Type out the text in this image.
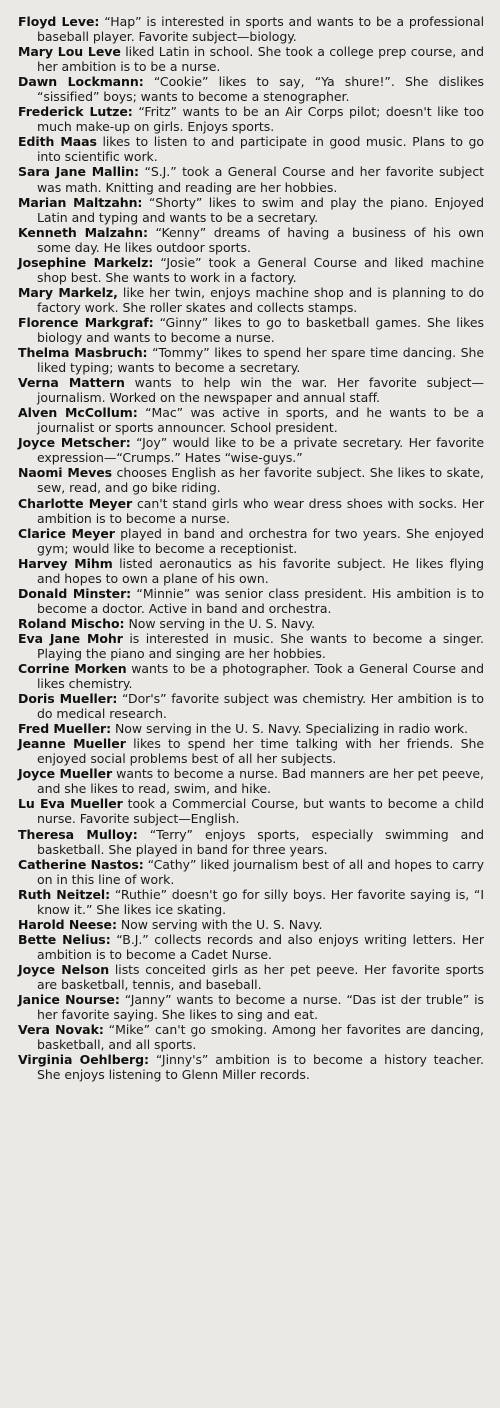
Floyd Leve: “Hap” is interested in sports and wants to be a professional baseball player. Favorite subject—biology.

Mary Lou Leve liked Latin in school. She took a college prep course, and her ambition is to be a nurse.

Dawn Lockmann: “Cookie” likes to say, “Ya shure!”. She dislikes “sissified” boys; wants to become a stenographer.

Frederick Lutze: “Fritz” wants to be an Air Corps pilot; doesn't like too much make-up on girls. Enjoys sports.

Edith Maas likes to listen to and participate in good music. Plans to go into scientific work.

Sara Jane Mallin: “S.J.” took a General Course and her favorite subject was math. Knitting and reading are her hobbies.

Marian Maltzahn: “Shorty” likes to swim and play the piano. Enjoyed Latin and typing and wants to be a secretary.

Kenneth Malzahn: “Kenny” dreams of having a business of his own some day. He likes outdoor sports.

Josephine Markelz: “Josie” took a General Course and liked machine shop best. She wants to work in a factory.

Mary Markelz, like her twin, enjoys machine shop and is planning to do factory work. She roller skates and collects stamps.

Florence Markgraf: “Ginny” likes to go to basketball games. She likes biology and wants to become a nurse.

Thelma Masbruch: “Tommy” likes to spend her spare time dancing. She liked typing; wants to become a secretary.

Verna Mattern wants to help win the war. Her favorite subject—journalism. Worked on the newspaper and annual staff.

Alven McCollum: “Mac” was active in sports, and he wants to be a journalist or sports announcer. School president.

Joyce Metscher: “Joy” would like to be a private secretary. Her favorite expression—“Crumps.” Hates “wise-guys.”

Naomi Meves chooses English as her favorite subject. She likes to skate, sew, read, and go bike riding.

Charlotte Meyer can't stand girls who wear dress shoes with socks. Her ambition is to become a nurse.

Clarice Meyer played in band and orchestra for two years. She enjoyed gym; would like to become a receptionist.

Harvey Mihm listed aeronautics as his favorite subject. He likes flying and hopes to own a plane of his own.

Donald Minster: “Minnie” was senior class president. His ambition is to become a doctor. Active in band and orchestra.

Roland Mischo: Now serving in the U. S. Navy.

Eva Jane Mohr is interested in music. She wants to become a singer. Playing the piano and singing are her hobbies.

Corrine Morken wants to be a photographer. Took a General Course and likes chemistry.

Doris Mueller: “Dor's” favorite subject was chemistry. Her ambition is to do medical research.

Fred Mueller: Now serving in the U. S. Navy. Specializing in radio work.

Jeanne Mueller likes to spend her time talking with her friends. She enjoyed social problems best of all her subjects.

Joyce Mueller wants to become a nurse. Bad manners are her pet peeve, and she likes to read, swim, and hike.

Lu Eva Mueller took a Commercial Course, but wants to become a child nurse. Favorite subject—English.

Theresa Mulloy: “Terry” enjoys sports, especially swimming and basketball. She played in band for three years.

Catherine Nastos: “Cathy” liked journalism best of all and hopes to carry on in this line of work.

Ruth Neitzel: “Ruthie” doesn't go for silly boys. Her favorite saying is, “I know it.” She likes ice skating.

Harold Neese: Now serving with the U. S. Navy.

Bette Nelius: “B.J.” collects records and also enjoys writing letters. Her ambition is to become a Cadet Nurse.

Joyce Nelson lists conceited girls as her pet peeve. Her favorite sports are basketball, tennis, and baseball.

Janice Nourse: “Janny” wants to become a nurse. “Das ist der truble” is her favorite saying. She likes to sing and eat.

Vera Novak: “Mike” can't go smoking. Among her favorites are dancing, basketball, and all sports.

Virginia Oehlberg: “Jinny's” ambition is to become a history teacher. She enjoys listening to Glenn Miller records.
